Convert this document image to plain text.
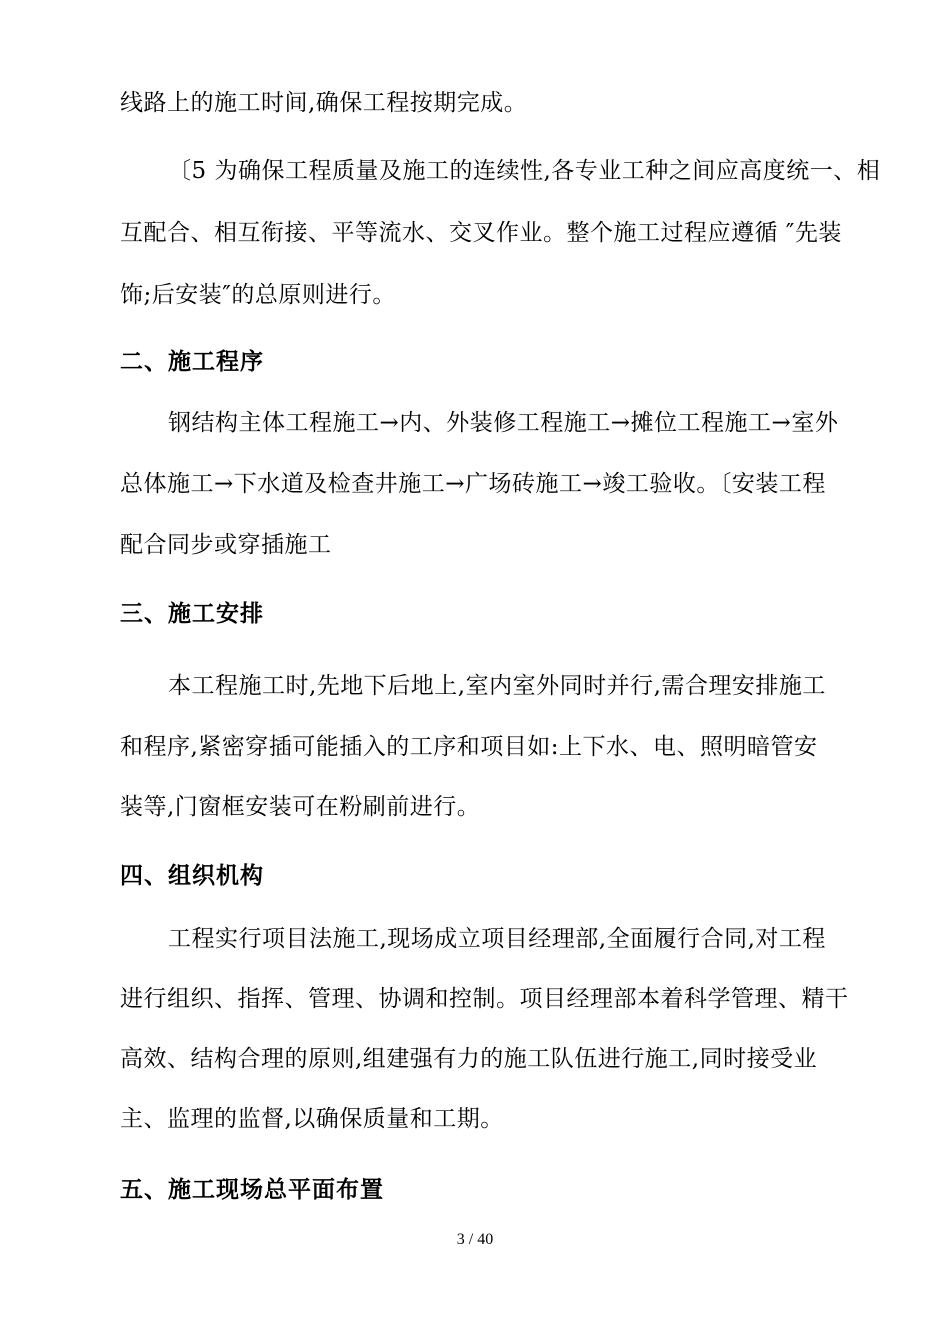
线路上的施工时间,确保工程按期完成。
〔5 为确保工程质量及施工的连续性,各专业工种之间应高度统一、相
互配合、相互衔接、平等流水、交叉作业。整个施工过程应遵循 ″先装
饰;后安装″的总原则进行。
二、施工程序
钢结构主体工程施工→内、外装修工程施工→摊位工程施工→室外
总体施工→下水道及检查井施工→广场砖施工→竣工验收。〔安装工程
配合同步或穿插施工
三、施工安排
本工程施工时,先地下后地上,室内室外同时并行,需合理安排施工
和程序,紧密穿插可能插入的工序和项目如:上下水、电、照明暗管安
装等,门窗框安装可在粉刷前进行。
四、组织机构
工程实行项目法施工,现场成立项目经理部,全面履行合同,对工程
进行组织、指挥、管理、协调和控制。项目经理部本着科学管理、精干
高效、结构合理的原则,组建强有力的施工队伍进行施工,同时接受业
主、监理的监督,以确保质量和工期。
五、施工现场总平面布置
3 / 40
